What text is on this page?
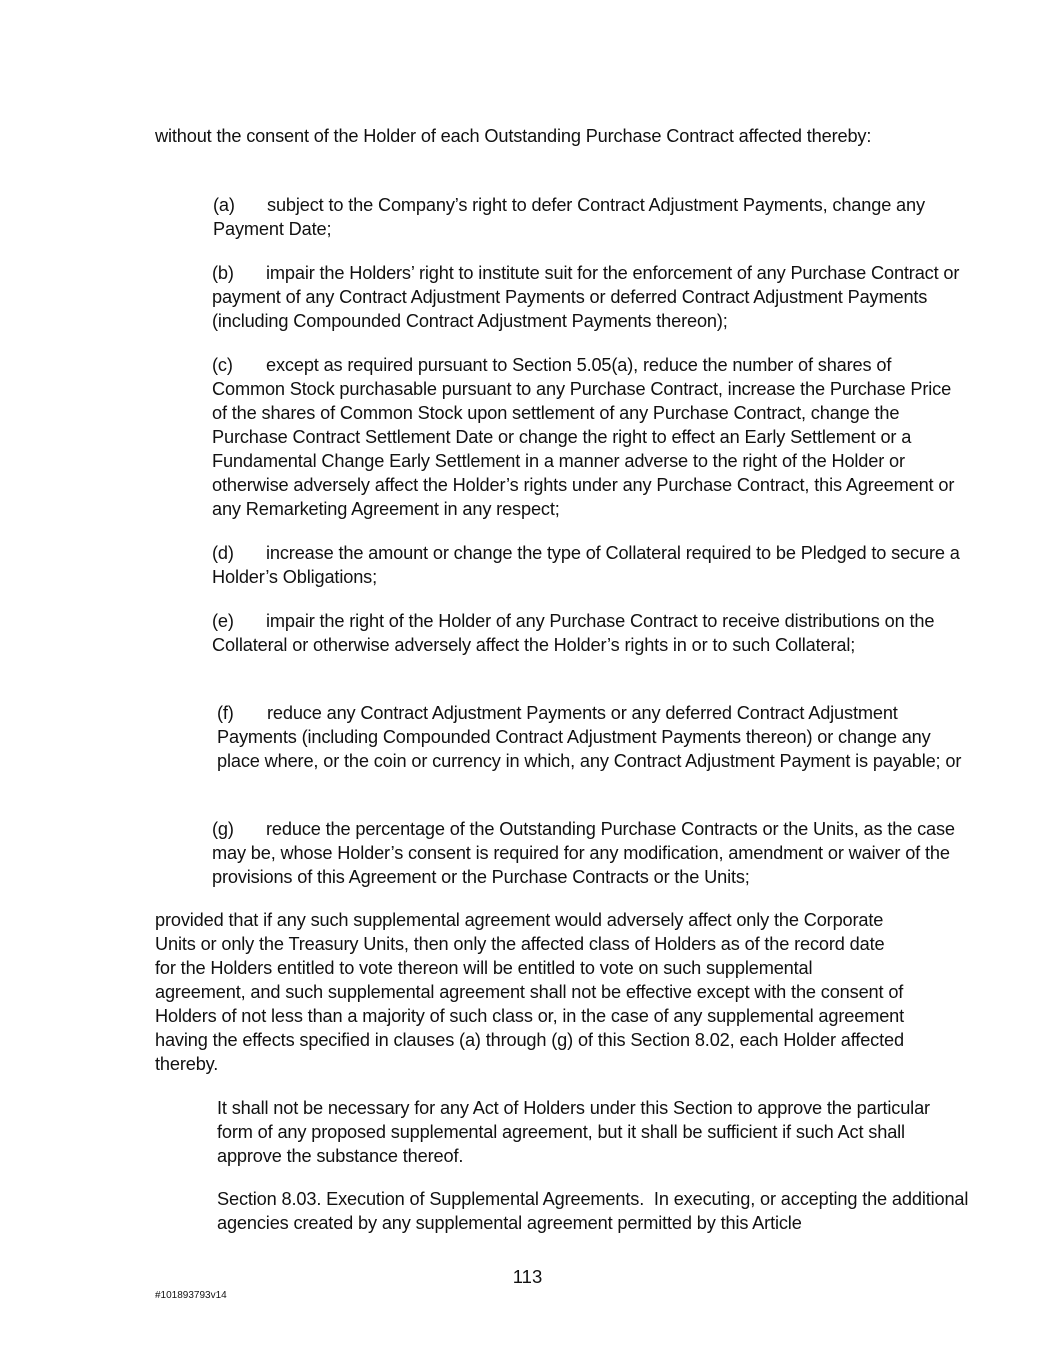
without the consent of the Holder of each Outstanding Purchase Contract affected thereby:

(a) subject to the Company’s right to defer Contract Adjustment Payments, change any Payment Date;

(b) impair the Holders’ right to institute suit for the enforcement of any Purchase Contract or payment of any Contract Adjustment Payments or deferred Contract Adjustment Payments (including Compounded Contract Adjustment Payments thereon);

(c) except as required pursuant to Section 5.05(a), reduce the number of shares of Common Stock purchasable pursuant to any Purchase Contract, increase the Purchase Price of the shares of Common Stock upon settlement of any Purchase Contract, change the Purchase Contract Settlement Date or change the right to effect an Early Settlement or a Fundamental Change Early Settlement in a manner adverse to the right of the Holder or otherwise adversely affect the Holder’s rights under any Purchase Contract, this Agreement or any Remarketing Agreement in any respect;

(d) increase the amount or change the type of Collateral required to be Pledged to secure a Holder’s Obligations;

(e) impair the right of the Holder of any Purchase Contract to receive distributions on the Collateral or otherwise adversely affect the Holder’s rights in or to such Collateral;

(f) reduce any Contract Adjustment Payments or any deferred Contract Adjustment Payments (including Compounded Contract Adjustment Payments thereon) or change any place where, or the coin or currency in which, any Contract Adjustment Payment is payable; or

(g) reduce the percentage of the Outstanding Purchase Contracts or the Units, as the case may be, whose Holder’s consent is required for any modification, amendment or waiver of the provisions of this Agreement or the Purchase Contracts or the Units;

provided that if any such supplemental agreement would adversely affect only the Corporate Units or only the Treasury Units, then only the affected class of Holders as of the record date for the Holders entitled to vote thereon will be entitled to vote on such supplemental agreement, and such supplemental agreement shall not be effective except with the consent of Holders of not less than a majority of such class or, in the case of any supplemental agreement having the effects specified in clauses (a) through (g) of this Section 8.02, each Holder affected thereby.

It shall not be necessary for any Act of Holders under this Section to approve the particular form of any proposed supplemental agreement, but it shall be sufficient if such Act shall approve the substance thereof.

Section 8.03. Execution of Supplemental Agreements. In executing, or accepting the additional agencies created by any supplemental agreement permitted by this Article

113

#101893793v14
